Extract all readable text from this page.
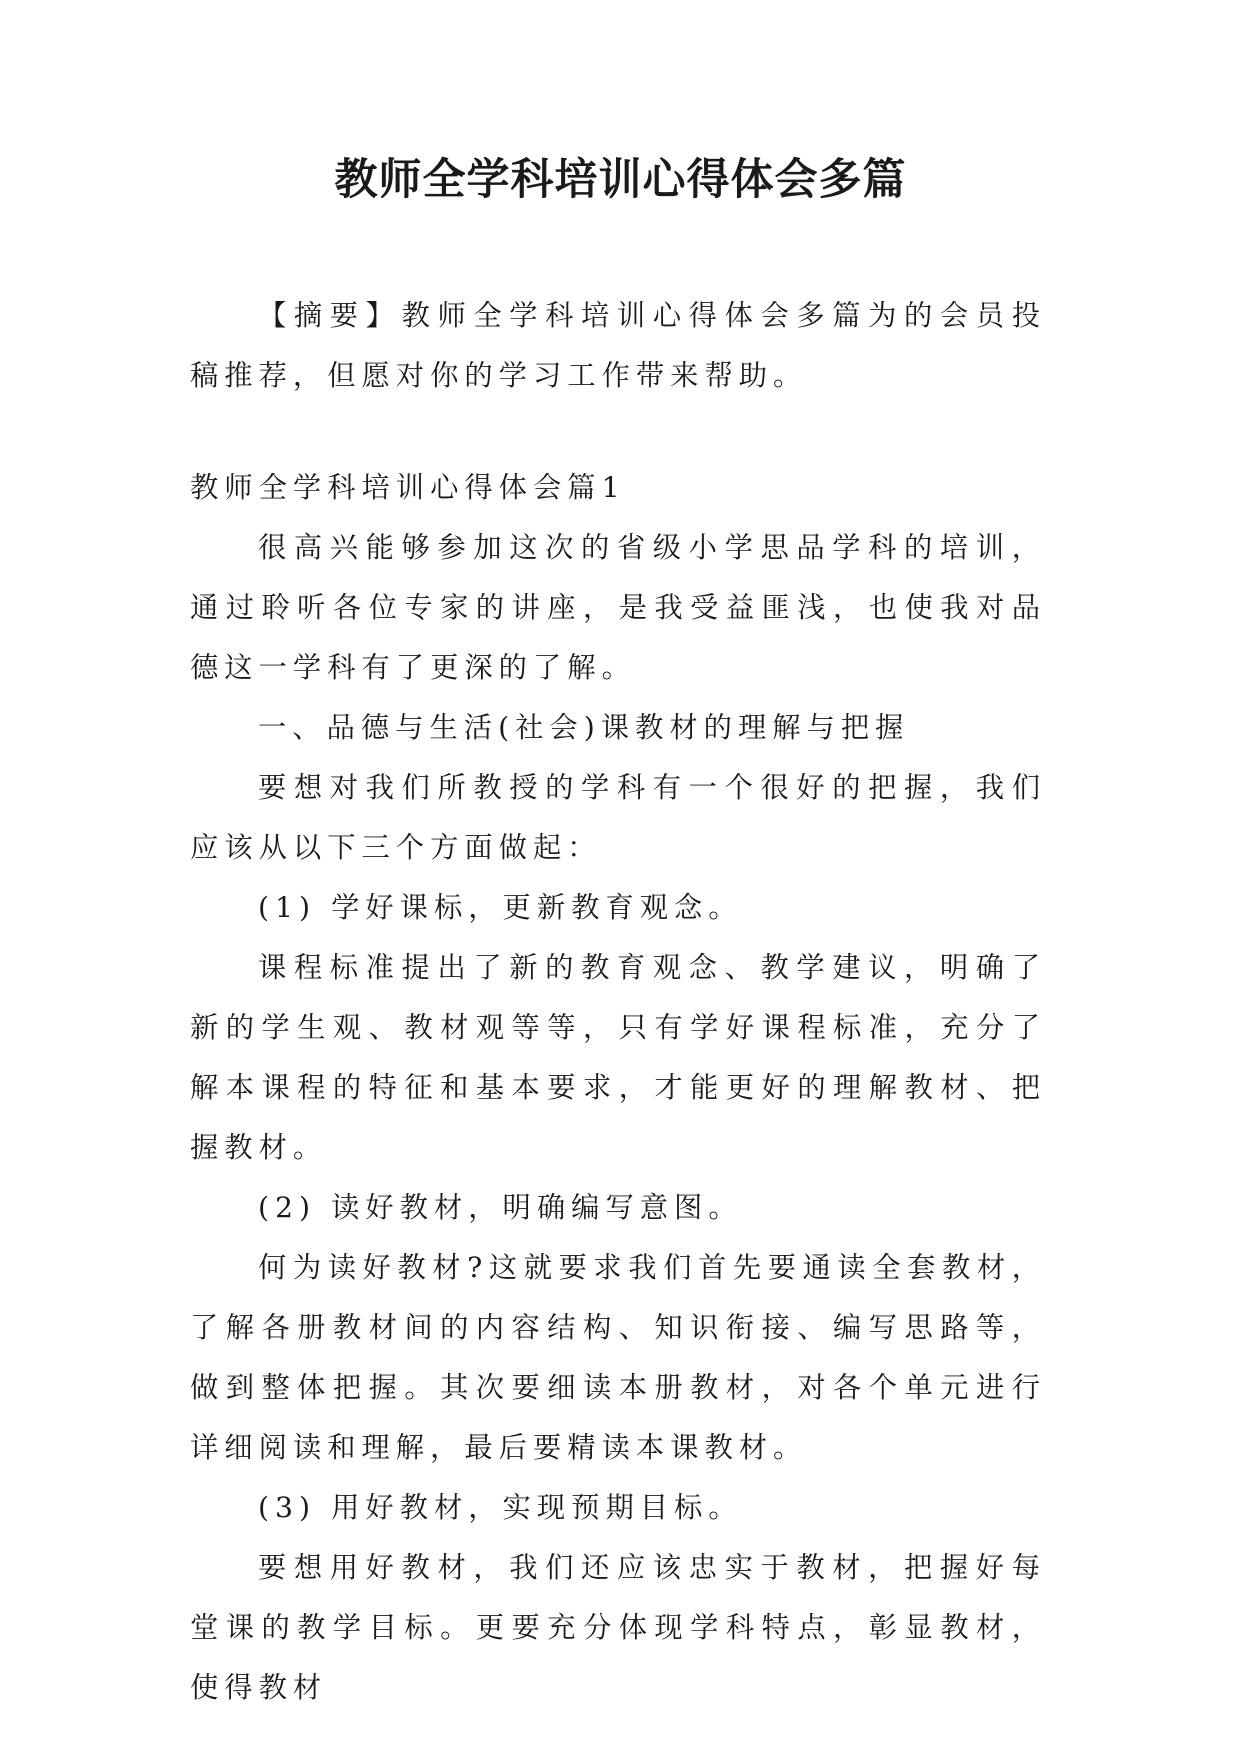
教师全学科培训心得体会多篇

【摘要】教师全学科培训心得体会多篇为的会员投稿推荐，但愿对你的学习工作带来帮助。

教师全学科培训心得体会篇1

很高兴能够参加这次的省级小学思品学科的培训，通过聆听各位专家的讲座，是我受益匪浅，也使我对品德这一学科有了更深的了解。

一、品德与生活(社会)课教材的理解与把握

要想对我们所教授的学科有一个很好的把握，我们应该从以下三个方面做起：

(1) 学好课标，更新教育观念。

课程标准提出了新的教育观念、教学建议，明确了新的学生观、教材观等等，只有学好课程标准，充分了解本课程的特征和基本要求，才能更好的理解教材、把握教材。

(2) 读好教材，明确编写意图。

何为读好教材?这就要求我们首先要通读全套教材，了解各册教材间的内容结构、知识衔接、编写思路等，做到整体把握。其次要细读本册教材，对各个单元进行详细阅读和理解，最后要精读本课教材。

(3) 用好教材，实现预期目标。

要想用好教材，我们还应该忠实于教材，把握好每堂课的教学目标。更要充分体现学科特点，彰显教材，使得教材
